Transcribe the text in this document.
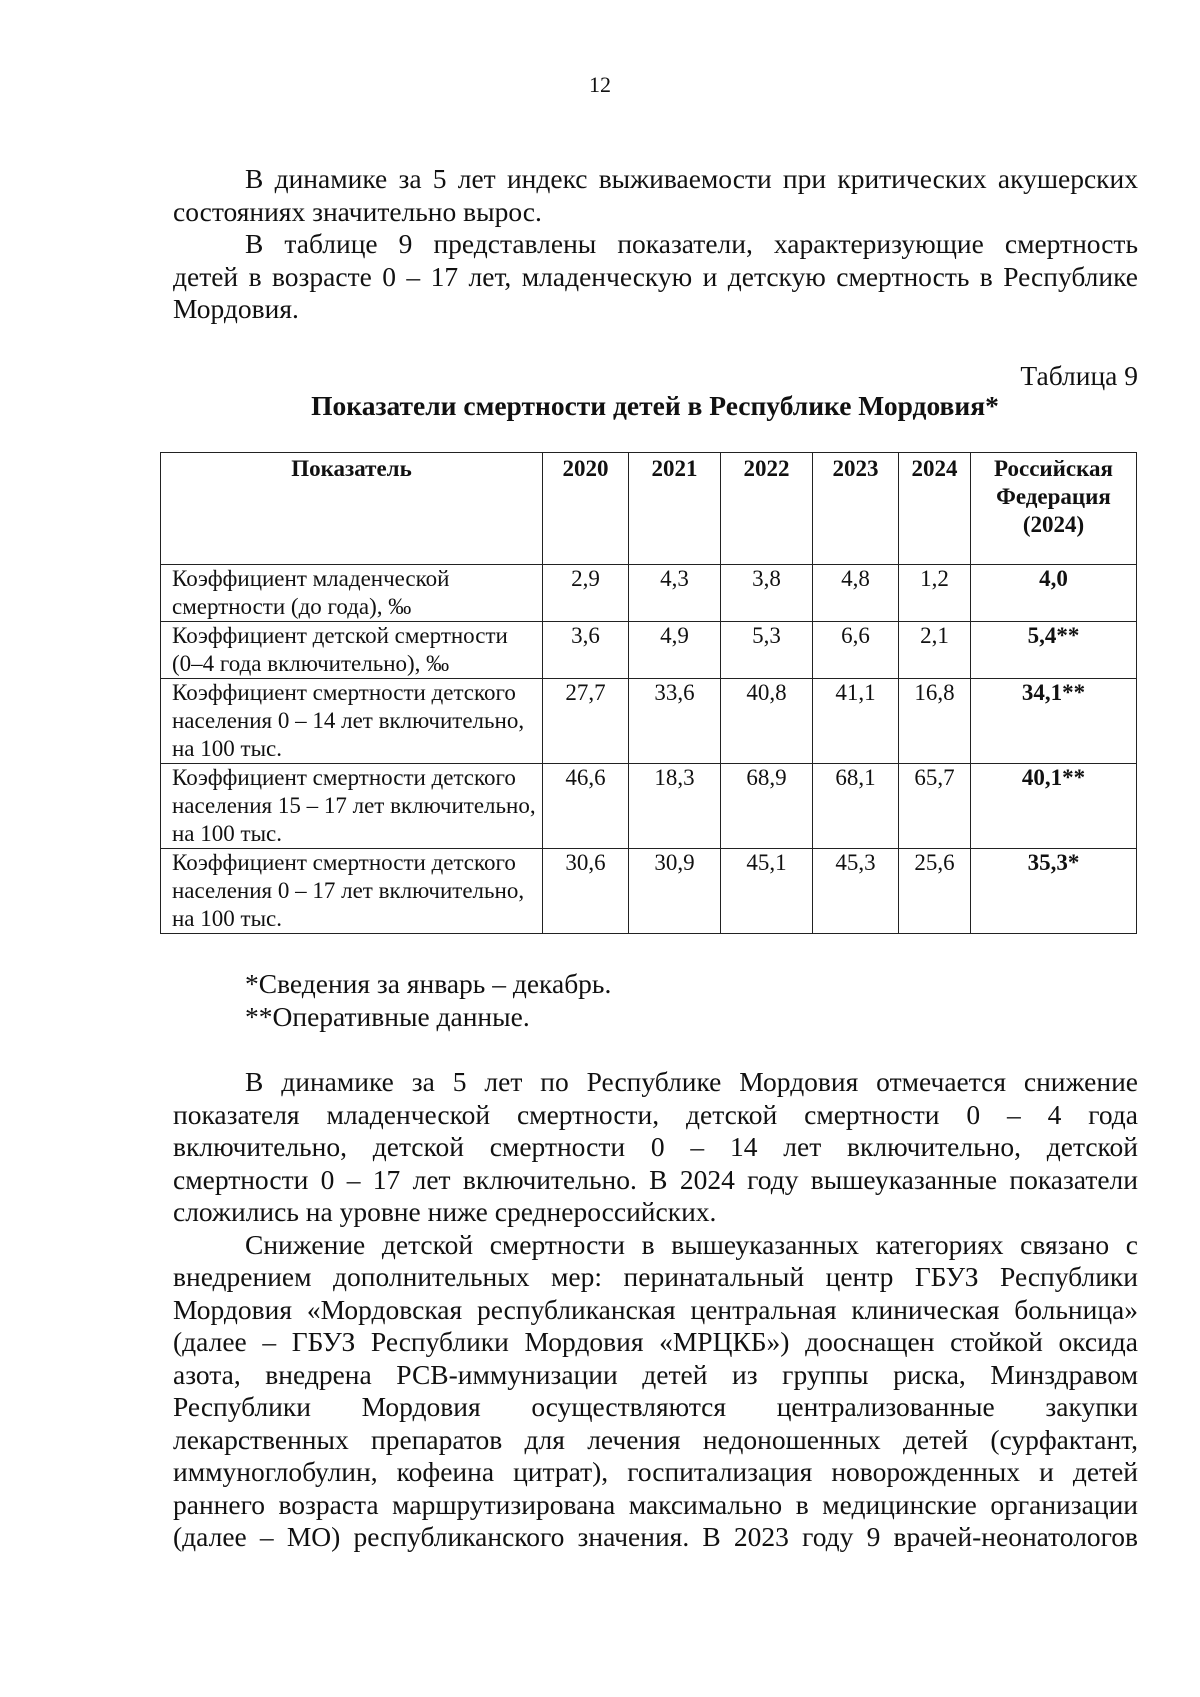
12
В динамике за 5 лет индекс выживаемости при критических акушерских
состояниях значительно вырос.
В таблице 9 представлены показатели, характеризующие смертность
детей в возрасте 0 – 17 лет, младенческую и детскую смертность в Республике
Мордовия.
Таблица 9
Показатели смертности детей в Республике Мордовия*
Показатель	2020	2021	2022	2023	2024	Российская Федерация (2024)
Коэффициент младенческой смертности (до года), ‰	2,9	4,3	3,8	4,8	1,2	4,0
Коэффициент детской смертности (0–4 года включительно), ‰	3,6	4,9	5,3	6,6	2,1	5,4**
Коэффициент смертности детского населения 0 – 14 лет включительно, на 100 тыс.	27,7	33,6	40,8	41,1	16,8	34,1**
Коэффициент смертности детского населения 15 – 17 лет включительно, на 100 тыс.	46,6	18,3	68,9	68,1	65,7	40,1**
Коэффициент смертности детского населения 0 – 17 лет включительно, на 100 тыс.	30,6	30,9	45,1	45,3	25,6	35,3*
*Сведения за январь – декабрь.
**Оперативные данные.
В динамике за 5 лет по Республике Мордовия отмечается снижение
показателя младенческой смертности, детской смертности 0 – 4 года
включительно, детской смертности 0 – 14 лет включительно, детской
смертности 0 – 17 лет включительно. В 2024 году вышеуказанные показатели
сложились на уровне ниже среднероссийских.
Снижение детской смертности в вышеуказанных категориях связано с
внедрением дополнительных мер: перинатальный центр ГБУЗ Республики
Мордовия «Мордовская республиканская центральная клиническая больница»
(далее – ГБУЗ Республики Мордовия «МРЦКБ») дооснащен стойкой оксида
азота, внедрена РСВ-иммунизации детей из группы риска, Минздравом
Республики Мордовия осуществляются централизованные закупки
лекарственных препаратов для лечения недоношенных детей (сурфактант,
иммуноглобулин, кофеина цитрат), госпитализация новорожденных и детей
раннего возраста маршрутизирована максимально в медицинские организации
(далее – МО) республиканского значения. В 2023 году 9 врачей-неонатологов
